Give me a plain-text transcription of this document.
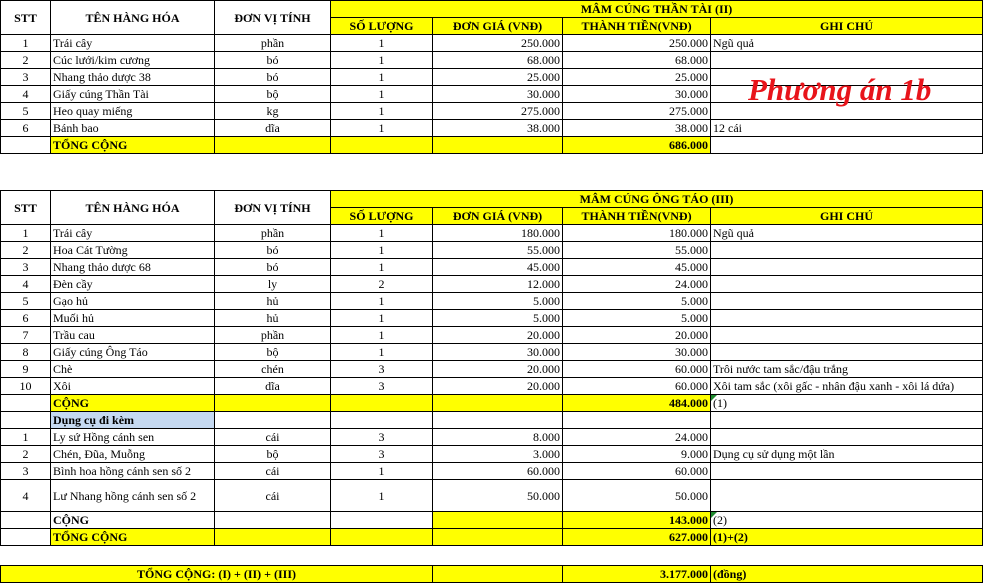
STT	TÊN HÀNG HÓA	ĐƠN VỊ TÍNH	MÂM CÚNG THẦN TÀI (II)			
			SỐ LƯỢNG	ĐƠN GIÁ (VNĐ)	THÀNH TIỀN(VNĐ)	GHI CHÚ
1	Trái cây	phần	1	250.000	250.000	Ngũ quả
2	Cúc lưới/kim cương	bó	1	68.000	68.000	
3	Nhang thảo dược 38	bó	1	25.000	25.000	
4	Giấy cúng Thần Tài	bộ	1	30.000	30.000	
5	Heo quay miếng	kg	1	275.000	275.000	
6	Bánh bao	dĩa	1	38.000	38.000	12 cái
	TỔNG CỘNG				686.000	
Phương án 1b
STT	TÊN HÀNG HÓA	ĐƠN VỊ TÍNH	MÂM CÚNG ÔNG TÁO (III)			
			SỐ LƯỢNG	ĐƠN GIÁ (VNĐ)	THÀNH TIỀN(VNĐ)	GHI CHÚ
1	Trái cây	phần	1	180.000	180.000	Ngũ quả
2	Hoa Cát Tường	bó	1	55.000	55.000	
3	Nhang thảo dược 68	bó	1	45.000	45.000	
4	Đèn cầy	ly	2	12.000	24.000	
5	Gạo hủ	hủ	1	5.000	5.000	
6	Muối hủ	hủ	1	5.000	5.000	
7	Trầu cau	phần	1	20.000	20.000	
8	Giấy cúng Ông Táo	bộ	1	30.000	30.000	
9	Chè	chén	3	20.000	60.000	Trôi nước tam sắc/đậu trắng
10	Xôi	dĩa	3	20.000	60.000	Xôi tam sắc (xôi gấc - nhân đậu xanh - xôi lá dứa)
	CỘNG				484.000	(1)
	Dụng cụ đi kèm					
1	Ly sứ Hồng cánh sen	cái	3	8.000	24.000	
2	Chén, Đũa, Muỗng	bộ	3	3.000	9.000	Dụng cụ sử dụng một lần
3	Bình hoa hồng cánh sen số 2	cái	1	60.000	60.000	
4	Lư Nhang hồng cánh sen số 2	cái	1	50.000	50.000	
	CỘNG				143.000	(2)
	TỔNG CỘNG				627.000	(1)+(2)
TỔNG CỘNG: (I) + (II) + (III)		3.177.000	(đồng)
